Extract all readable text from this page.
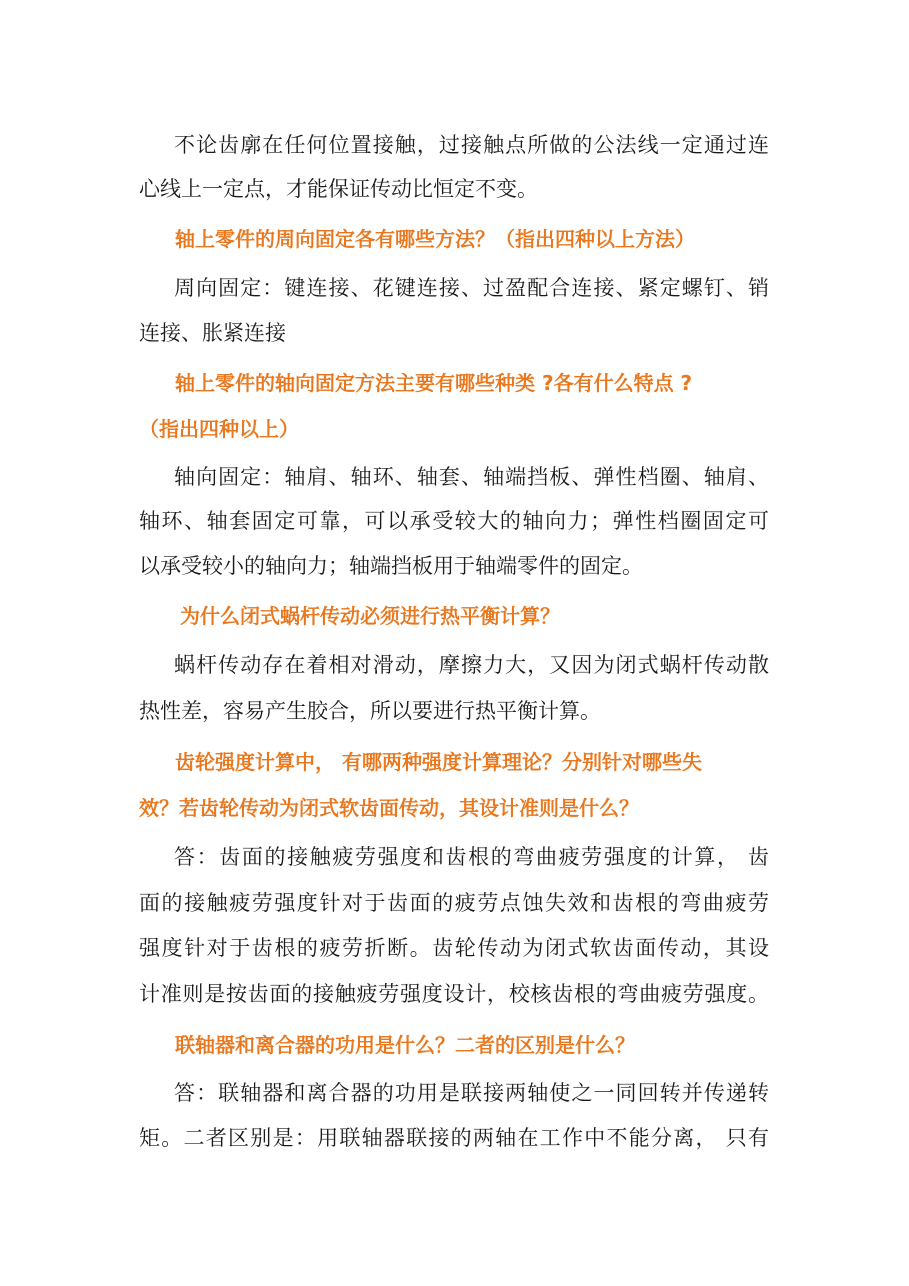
不论齿廓在任何位置接触，过接触点所做的公法线一定通过连
心线上一定点，才能保证传动比恒定不变。
轴上零件的周向固定各有哪些方法？（指出四种以上方法）
周向固定：键连接、花键连接、过盈配合连接、紧定螺钉、销
连接、胀紧连接
轴上零件的轴向固定方法主要有哪些种类 ?各有什么特点 ?
（指出四种以上）
轴向固定：轴肩、轴环、轴套、轴端挡板、弹性档圈、轴肩、
轴环、轴套固定可靠，可以承受较大的轴向力；弹性档圈固定可
以承受较小的轴向力；轴端挡板用于轴端零件的固定。
为什么闭式蜗杆传动必须进行热平衡计算？
蜗杆传动存在着相对滑动，摩擦力大，又因为闭式蜗杆传动散
热性差，容易产生胶合，所以要进行热平衡计算。
齿轮强度计算中， 有哪两种强度计算理论？分别针对哪些失
效？若齿轮传动为闭式软齿面传动，其设计准则是什么？
答：齿面的接触疲劳强度和齿根的弯曲疲劳强度的计算， 齿
面的接触疲劳强度针对于齿面的疲劳点蚀失效和齿根的弯曲疲劳
强度针对于齿根的疲劳折断。齿轮传动为闭式软齿面传动，其设
计准则是按齿面的接触疲劳强度设计，校核齿根的弯曲疲劳强度。
联轴器和离合器的功用是什么？二者的区别是什么？
答：联轴器和离合器的功用是联接两轴使之一同回转并传递转
矩。二者区别是：用联轴器联接的两轴在工作中不能分离， 只有
